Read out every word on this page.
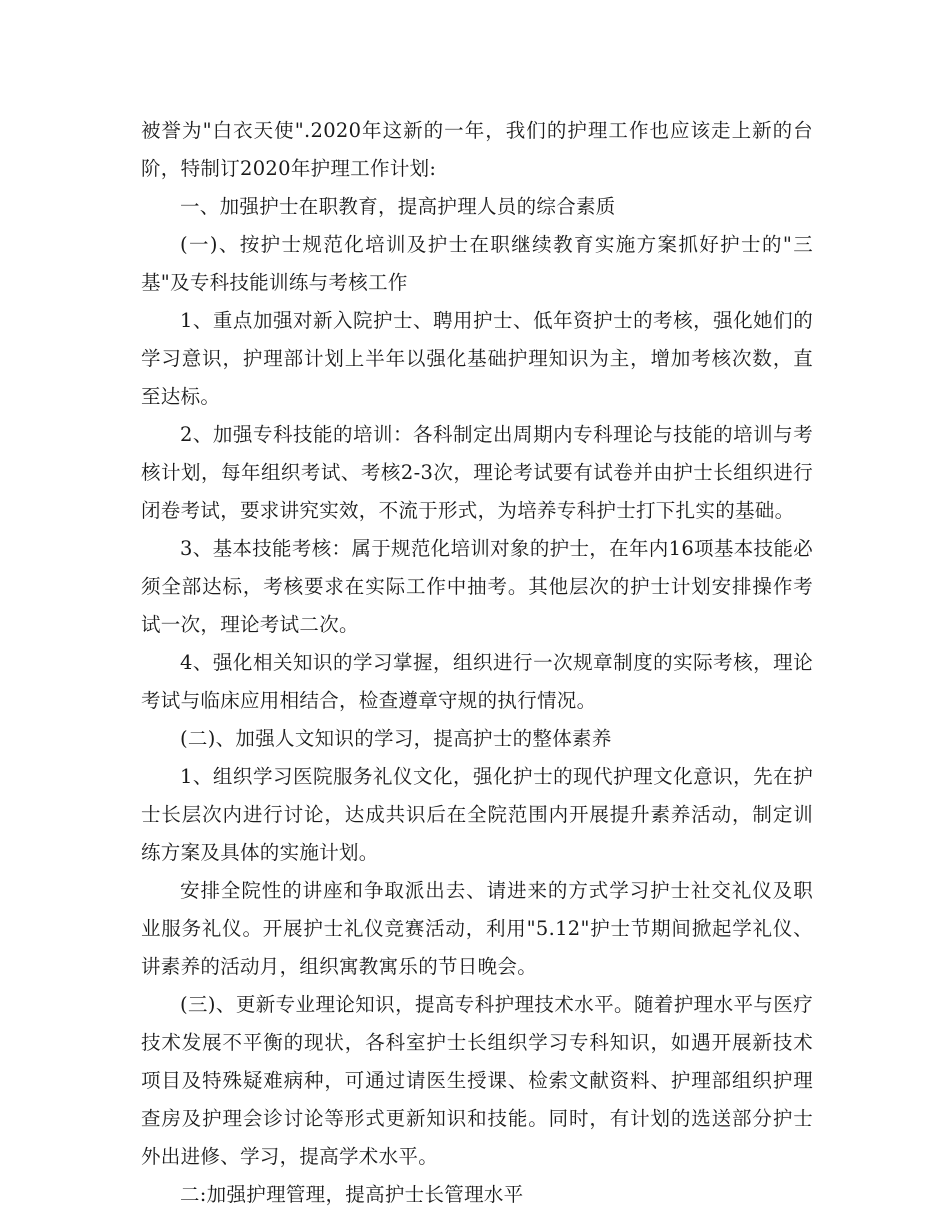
被誉为"白衣天使".2020年这新的一年，我们的护理工作也应该走上新的台阶，特制订2020年护理工作计划:

一、加强护士在职教育，提高护理人员的综合素质

(一)、按护士规范化培训及护士在职继续教育实施方案抓好护士的"三基"及专科技能训练与考核工作

1、重点加强对新入院护士、聘用护士、低年资护士的考核，强化她们的学习意识，护理部计划上半年以强化基础护理知识为主，增加考核次数，直至达标。

2、加强专科技能的培训：各科制定出周期内专科理论与技能的培训与考核计划，每年组织考试、考核2-3次，理论考试要有试卷并由护士长组织进行闭卷考试，要求讲究实效，不流于形式，为培养专科护士打下扎实的基础。

3、基本技能考核：属于规范化培训对象的护士，在年内16项基本技能必须全部达标，考核要求在实际工作中抽考。其他层次的护士计划安排操作考试一次，理论考试二次。

4、强化相关知识的学习掌握，组织进行一次规章制度的实际考核，理论考试与临床应用相结合，检查遵章守规的执行情况。

(二)、加强人文知识的学习，提高护士的整体素养

1、组织学习医院服务礼仪文化，强化护士的现代护理文化意识，先在护士长层次内进行讨论，达成共识后在全院范围内开展提升素养活动，制定训练方案及具体的实施计划。

安排全院性的讲座和争取派出去、请进来的方式学习护士社交礼仪及职业服务礼仪。开展护士礼仪竞赛活动，利用"5.12"护士节期间掀起学礼仪、讲素养的活动月，组织寓教寓乐的节日晚会。

(三)、更新专业理论知识，提高专科护理技术水平。随着护理水平与医疗技术发展不平衡的现状，各科室护士长组织学习专科知识，如遇开展新技术项目及特殊疑难病种，可通过请医生授课、检索文献资料、护理部组织护理查房及护理会诊讨论等形式更新知识和技能。同时，有计划的选送部分护士外出进修、学习，提高学术水平。

二:加强护理管理，提高护士长管理水平
